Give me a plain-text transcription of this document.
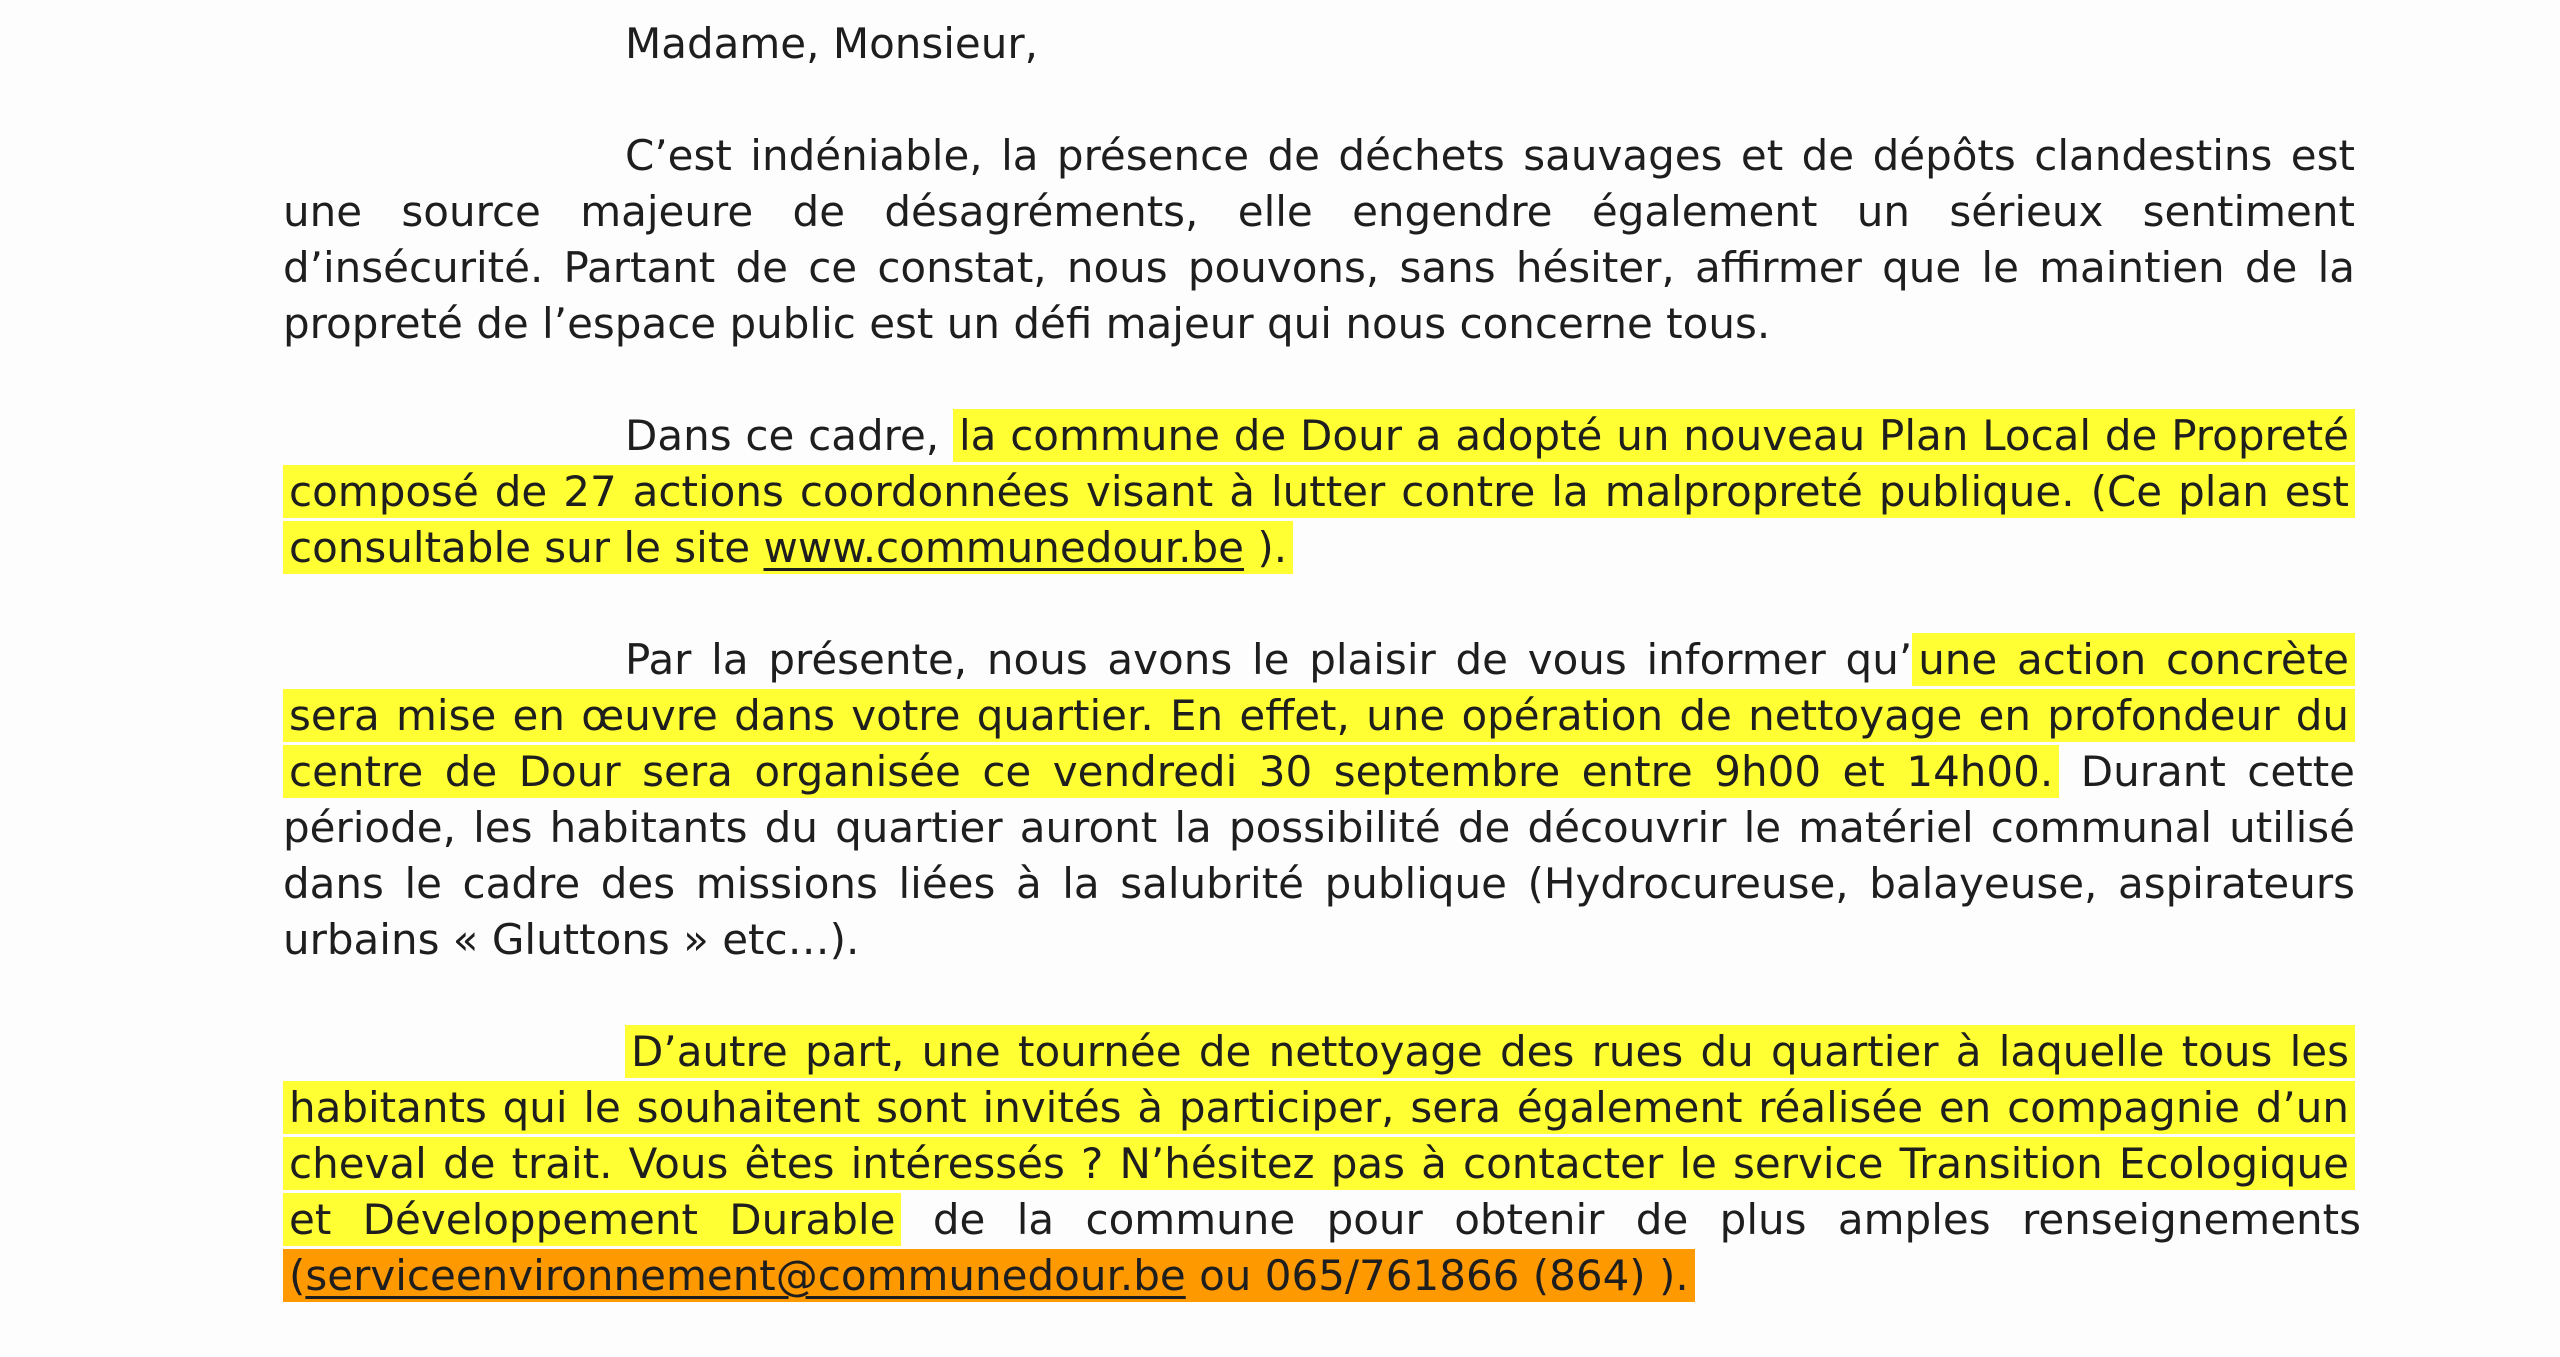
Madame, Monsieur,

C’est indéniable, la présence de déchets sauvages et de dépôts clandestins est une source majeure de désagréments, elle engendre également un sérieux sentiment d’insécurité. Partant de ce constat, nous pouvons, sans hésiter, affirmer que le maintien de la propreté de l’espace public est un défi majeur qui nous concerne tous.

Dans ce cadre, la commune de Dour a adopté un nouveau Plan Local de Propreté composé de 27 actions coordonnées visant à lutter contre la malpropreté publique. (Ce plan est consultable sur le site www.communedour.be ).

Par la présente, nous avons le plaisir de vous informer qu’ une action concrète sera mise en œuvre dans votre quartier. En effet, une opération de nettoyage en profondeur du centre de Dour sera organisée ce vendredi 30 septembre entre 9h00 et 14h00. Durant cette période, les habitants du quartier auront la possibilité de découvrir le matériel communal utilisé dans le cadre des missions liées à la salubrité publique (Hydrocureuse, balayeuse, aspirateurs urbains « Gluttons » etc…).

D’autre part, une tournée de nettoyage des rues du quartier à laquelle tous les habitants qui le souhaitent sont invités à participer, sera également réalisée en compagnie d’un cheval de trait. Vous êtes intéressés ? N’hésitez pas à contacter le service Transition Ecologique et Développement Durable de la commune pour obtenir de plus amples renseignements (serviceenvironnement@communedour.be ou 065/761866 (864) ).
